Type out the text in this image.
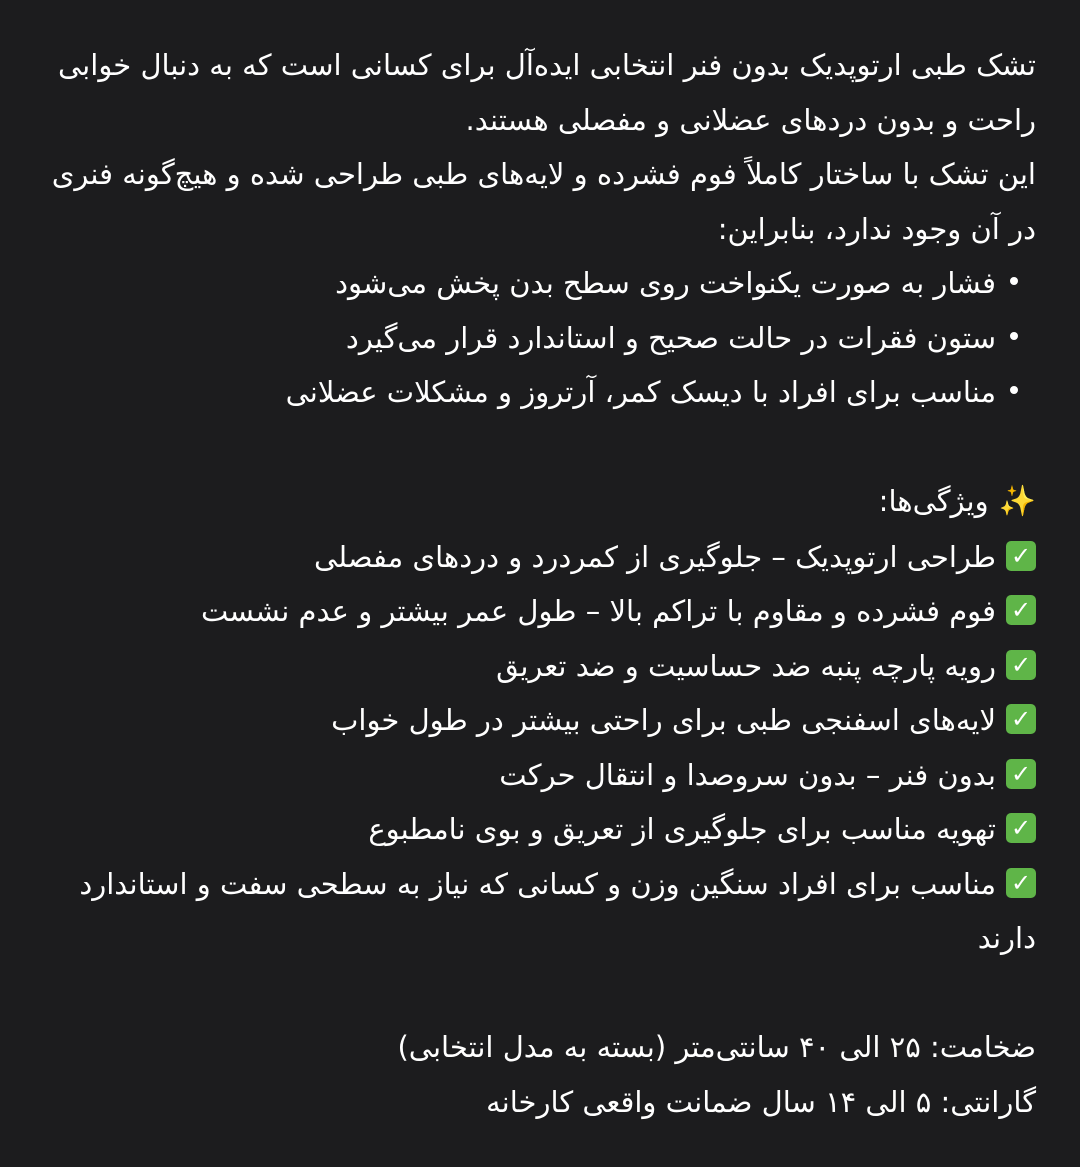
تشک طبی ارتوپدیک بدون فنر انتخابی ایده‌آل برای کسانی است که به دنبال خوابی راحت و بدون دردهای عضلانی و مفصلی هستند.
این تشک با ساختار کاملاً فوم فشرده و لایه‌های طبی طراحی شده و هیچ‌گونه فنری در آن وجود ندارد، بنابراین:
فشار به صورت یکنواخت روی سطح بدن پخش می‌شود
ستون فقرات در حالت صحیح و استاندارد قرار می‌گیرد
مناسب برای افراد با دیسک کمر، آرتروز و مشکلات عضلانی
✨ویژگی‌ها:
✓طراحی ارتوپدیک – جلوگیری از کمردرد و دردهای مفصلی
✓فوم فشرده و مقاوم با تراکم بالا – طول عمر بیشتر و عدم نشست
✓رویه پارچه پنبه ضد حساسیت و ضد تعریق
✓لایه‌های اسفنجی طبی برای راحتی بیشتر در طول خواب
✓بدون فنر – بدون سروصدا و انتقال حرکت
✓تهویه مناسب برای جلوگیری از تعریق و بوی نامطبوع
✓مناسب برای افراد سنگین وزن و کسانی که نیاز به سطحی سفت و استاندارد دارند
ضخامت: ۲۵ الی ۴۰ سانتی‌متر (بسته به مدل انتخابی)
گارانتی: ۵ الی ۱۴ سال ضمانت واقعی کارخانه
